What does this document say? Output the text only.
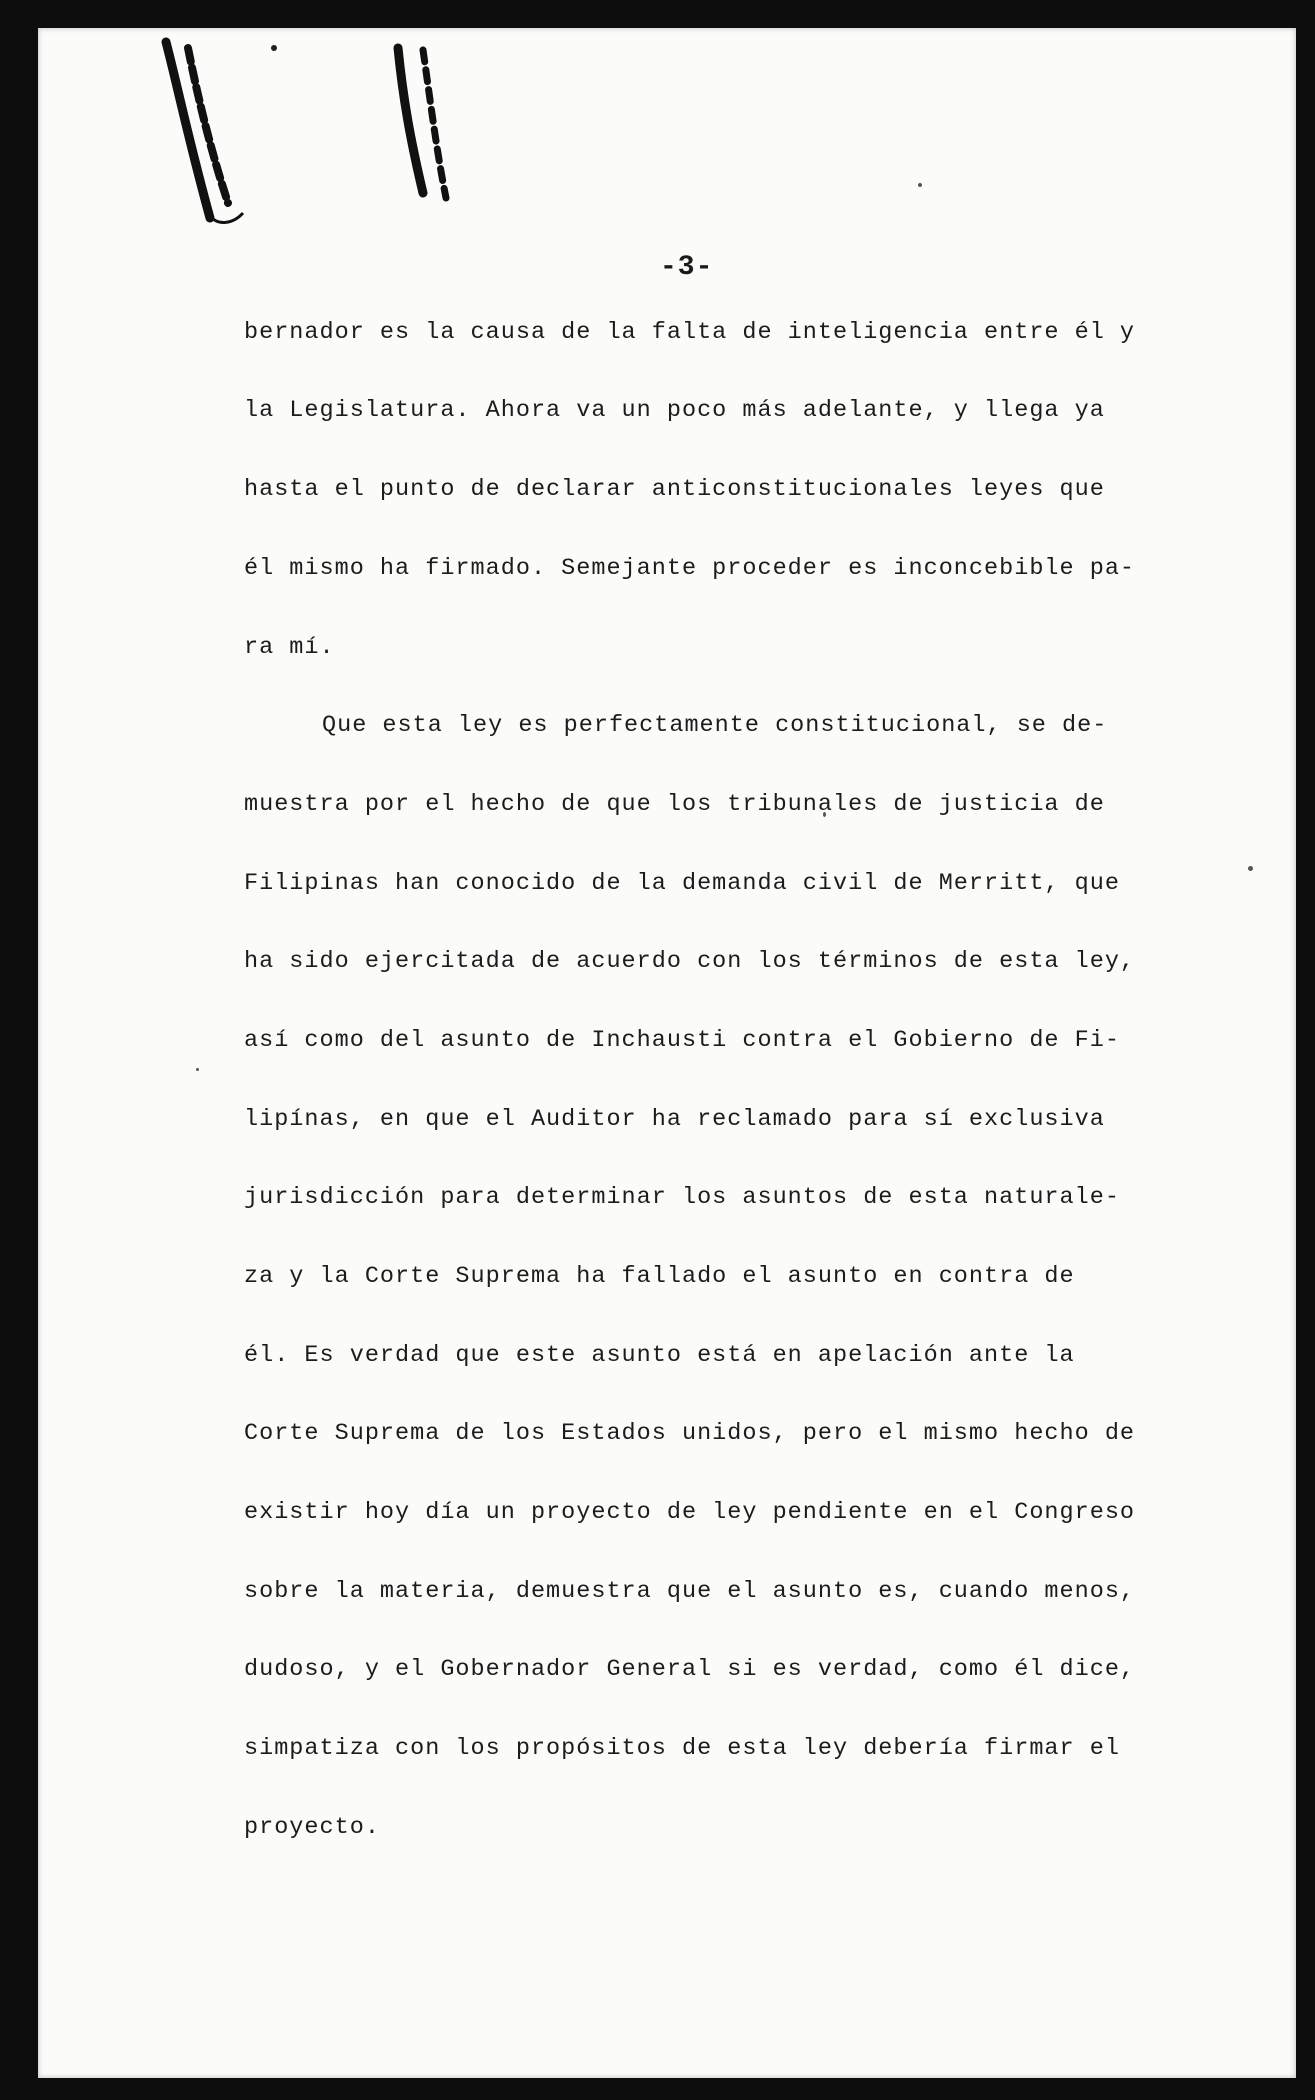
-3-

bernador es la causa de la falta de inteligencia entre él y

la Legislatura. Ahora va un poco más adelante, y llega ya

hasta el punto de declarar anticonstitucionales leyes que

él mismo ha firmado. Semejante proceder es inconcebible pa-

ra mí.

Que esta ley es perfectamente constitucional, se de-

muestra por el hecho de que los tribunales de justicia de

Filipinas han conocido de la demanda civil de Merritt, que

ha sido ejercitada de acuerdo con los términos de esta ley,

así como del asunto de Inchausti contra el Gobierno de Fi-

lipínas, en que el Auditor ha reclamado para sí exclusiva

jurisdicción para determinar los asuntos de esta naturale-

za y la Corte Suprema ha fallado el asunto en contra de

él. Es verdad que este asunto está en apelación ante la

Corte Suprema de los Estados unidos, pero el mismo hecho de

existir hoy día un proyecto de ley pendiente en el Congreso

sobre la materia, demuestra que el asunto es, cuando menos,

dudoso, y el Gobernador General si es verdad, como él dice,

simpatiza con los propósitos de esta ley debería firmar el

proyecto.
